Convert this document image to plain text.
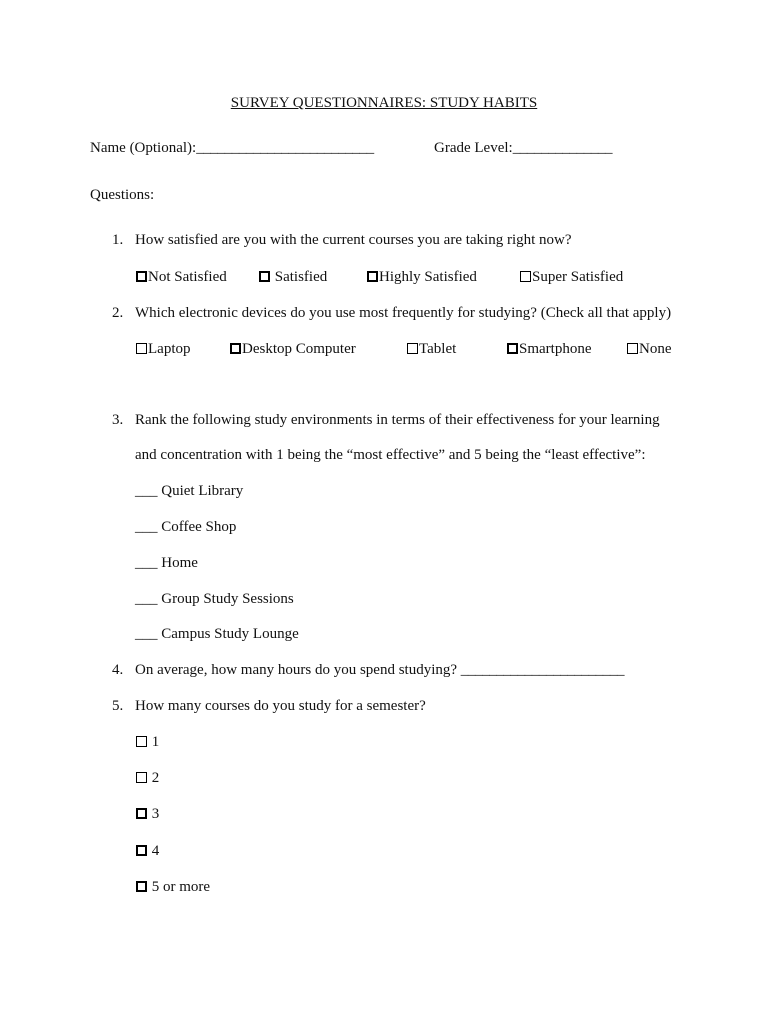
SURVEY QUESTIONNAIRES: STUDY HABITS
Name (Optional):_________________________	Grade Level:______________
Questions:
1. How satisfied are you with the current courses you are taking right now?
Not Satisfied	Satisfied	Highly Satisfied	Super Satisfied
2. Which electronic devices do you use most frequently for studying? (Check all that apply)
Laptop	Desktop Computer	Tablet	Smartphone	None
3. Rank the following study environments in terms of their effectiveness for your learning
and concentration with 1 being the “most effective” and 5 being the “least effective”:
___ Quiet Library
___ Coffee Shop
___ Home
___ Group Study Sessions
___ Campus Study Lounge
4. On average, how many hours do you spend studying? _______________________
5. How many courses do you study for a semester?
1
2
3
4
5 or more
